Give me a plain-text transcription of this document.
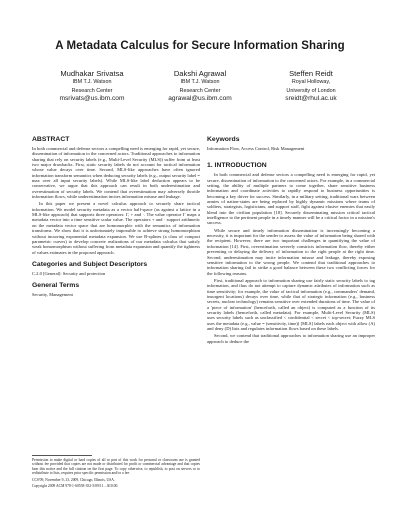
A Metadata Calculus for Secure Information Sharing
Mudhakar Srivatsa
IBM T.J. Watson
Research Center
msrivats@us.ibm.com
Dakshi Agrawal
IBM T.J. Watson
Research Center
agrawal@us.ibm.com
Steffen Reidt
Royal Holloway,
University of London
sreidt@rhul.ac.uk
ABSTRACT

In both commercial and defense sectors a compelling need is emerging for rapid, yet secure, dissemination of information to the concerned actors. Traditional approaches to information sharing that rely on security labels (e.g., Multi-Level Security (MLS)) suffer from at least two major drawbacks. First, static security labels do not account for tactical information whose value decays over time. Second, MLS-like approaches have often ignored information transform semantics when deducing security labels (e.g., output security label = max over all input security labels). While MLS-like label deduction appears to be conservative, we argue that this approach can result in both underestimation and overestimation of security labels. We contend that overestimation may adversely throttle information flows, while underestimation incites information misuse and leakage.

In this paper we present a novel calculus approach to securely share tactical information. We model security metadata as a vector half-space (as against a lattice in a MLS-like approach) that supports three operators: Γ, + and ·. The value operator Γ maps a metadata vector into a time sensitive scalar value. The operators + and · support arithmetic on the metadata vector space that are homomorphic with the semantics of information transforms. We show that it is unfortunately impossible to achieve strong homomorphism without incurring exponential metadata expansion. We use B-splines (a class of compact parametric curves) to develop concrete realizations of our metadata calculus that satisfy weak homomorphism without suffering from metadata expansion and quantify the tightness of values estimates in the proposed approach.

Categories and Subject Descriptors

C.2.0 [General]: Security and protection

General Terms

Security, Management

Keywords

Information Flow, Access Control, Risk Management

1. INTRODUCTION

In both commercial and defense sectors a compelling need is emerging for rapid, yet secure, dissemination of information to the concerned actors. For example, in a commercial setting, the ability of multiple partners to come together, share sensitive business information and coordinate activities to rapidly respond to business opportunities is becoming a key driver for success. Similarly, in a military setting, traditional wars between armies of nation-states are being replaced by highly dynamic missions where teams of soldiers, strategists, logisticians, and support staff, fight against elusive enemies that easily blend into the civilian population [18]. Securely disseminating mission critical tactical intelligence to the pertinent people in a timely manner will be a critical factor in a mission's success.

While secure and timely information dissemination is increasingly becoming a necessity, it is important for the sender to assess the value of information being shared with the recipient. However, there are two important challenges in quantifying the value of information [14]. First, overestimation severely constricts information flow, thereby either preventing or delaying the delivery of information to the right people at the right time. Second, underestimation may incite information misuse and leakage, thereby exposing sensitive information to the wrong people. We contend that traditional approaches to information sharing fail to strike a good balance between these two conflicting forces for the following reasons.

First, traditional approach to information sharing use fairly static security labels to tag information, and thus do not attempt to capture dynamic attributes of information such as time sensitivity; for example, the value of tactical information (e.g., commanders' demand, insurgent locations) decays over time, while that of strategic information (e.g., business secrets, nuclear technology) remains sensitive over extended durations of time. The value of a 'piece of information' (henceforth, called an object) is computed as a function of its security labels (henceforth, called metadata). For example, Multi-Level Security (MLS) uses security labels such as unclassified < confidential < secret < top-secret; Fuzzy MLS uses the metadata (e.g., value = (sensitivity, time)) [MLS] labels each object with allow (A) and deny (D) lists and regulates information flows based on these labels.

Second, we contend that traditional approaches to information sharing use an improper approach to deduce the

Permission to make digital or hard copies of all or part of this work for personal or classroom use is granted without fee provided that copies are not made or distributed for profit or commercial advantage and that copies bear this notice and the full citation on the first page. To copy otherwise, to republish, to post on servers or to redistribute to lists, requires prior specific permission and/or a fee.

CCS'09, November 9–13, 2009, Chicago, Illinois, USA.

Copyright 2009 ACM 978-1-60558-352-5/09/11 ...$10.00.
